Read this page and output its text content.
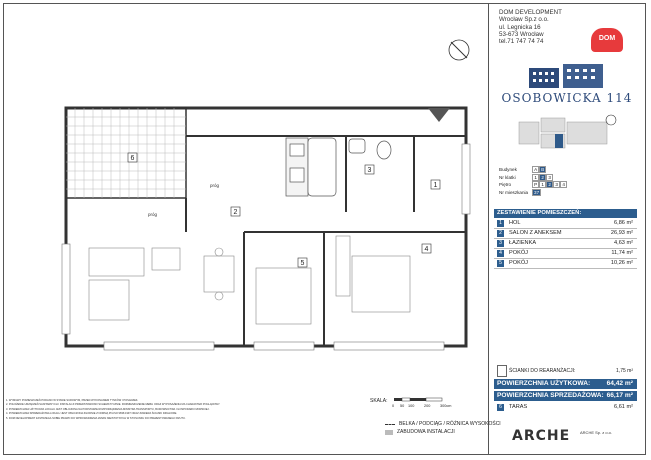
próg
próg
1
2
3
4
5
6

1. WYMIARY POMIESZCZEŃ PODANO W STANIE SUROWYM, PRZED WYKONANIEM TYNKÓW I POSADZEK.

2. POŁOŻENIE URZĄDZEŃ SANITARNYCH I INSTALACJI PRZEDSTAWIONO SCHEMATYCZNIE. ROZMIESZCZENIE MEBLI ORAZ WYPOSAŻENIA MA CHARAKTER POGLĄDOWY.

3. POWIERZCHNIA UŻYTKOWA LOKALU JEST OBLICZONA NA PODSTAWIE ROZPORZĄDZENIA MINISTRA TRANSPORTU, BUDOWNICTWA I GOSPODARKI MORSKIEJ.

4. POWIERZCHNIA SPRZEDAŻOWA LOKALU JEST OBLICZONA ZGODNIE Z NORMĄ PN-ISO 9836:1997 ORAZ ZAWIERA ŚCIANKI DZIAŁOWE.

5. DOM DEVELOPMENT ZASTRZEGA SOBIE PRAWO DO WPROWADZENIA ZMIAN NIEISTOTNYCH W STOSUNKU DO PREZENTOWANEGO RZUTU.

SKALA:
0 50 100	200	300cm
BELKA / PODCIĄG / RÓŻNICA WYSOKOŚCI
ZABUDOWA INSTALACJI
DOM DEVELOPMENT
Wrocław Sp.z o.o.
ul. Legnicka 16
53-673 Wrocław
tel.71 747 74 74	DOM
OSOBOWICKA 114
Budynek	A B
Nr klatki	1 2 3
Piętro	P 1 2 3 4
Nr mieszkania	37
ZESTAWIENIE POMIESZCZEŃ:
1	HOL	6,86 m²
2	SALON Z ANEKSEM	26,93 m²
3	ŁAZIENKA	4,63 m²
4	POKÓJ	11,74 m²
5	POKÓJ	10,26 m²
ŚCIANKI DO REARANŻACJI:	1,75 m²
POWIERZCHNIA UŻYTKOWA: 64,42 m²
POWIERZCHNIA SPRZEDAŻOWA: 66,17 m²
6	TARAS	6,61 m²
ARCHE ARCHE Sp. z o.o.
